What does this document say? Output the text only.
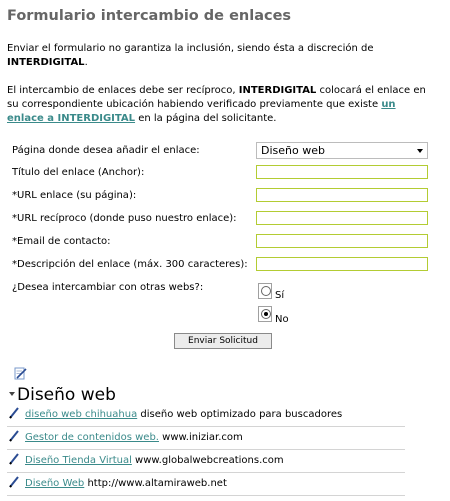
Formulario intercambio de enlaces
Enviar el formulario no garantiza la inclusión, siendo ésta a discreción de
INTERDIGITAL.
El intercambio de enlaces debe ser recíproco, INTERDIGITAL colocará el enlace en su correspondiente ubicación habiendo verificado previamente que existe un enlace a INTERDIGITAL en la página del solicitante.
Página donde desea añadir el enlace:	Diseño web
Título del enlace (Anchor):
*URL enlace (su página):
*URL recíproco (donde puso nuestro enlace):
*Email de contacto:
*Descripción del enlace (máx. 300 caracteres):
¿Desea intercambiar con otras webs?:
Sí
No
Enviar Solicitud
Diseño web
diseño web chihuahua diseño web optimizado para buscadores
Gestor de contenidos web. www.iniziar.com
Diseño Tienda Virtual www.globalwebcreations.com
Diseño Web http://www.altamiraweb.net
